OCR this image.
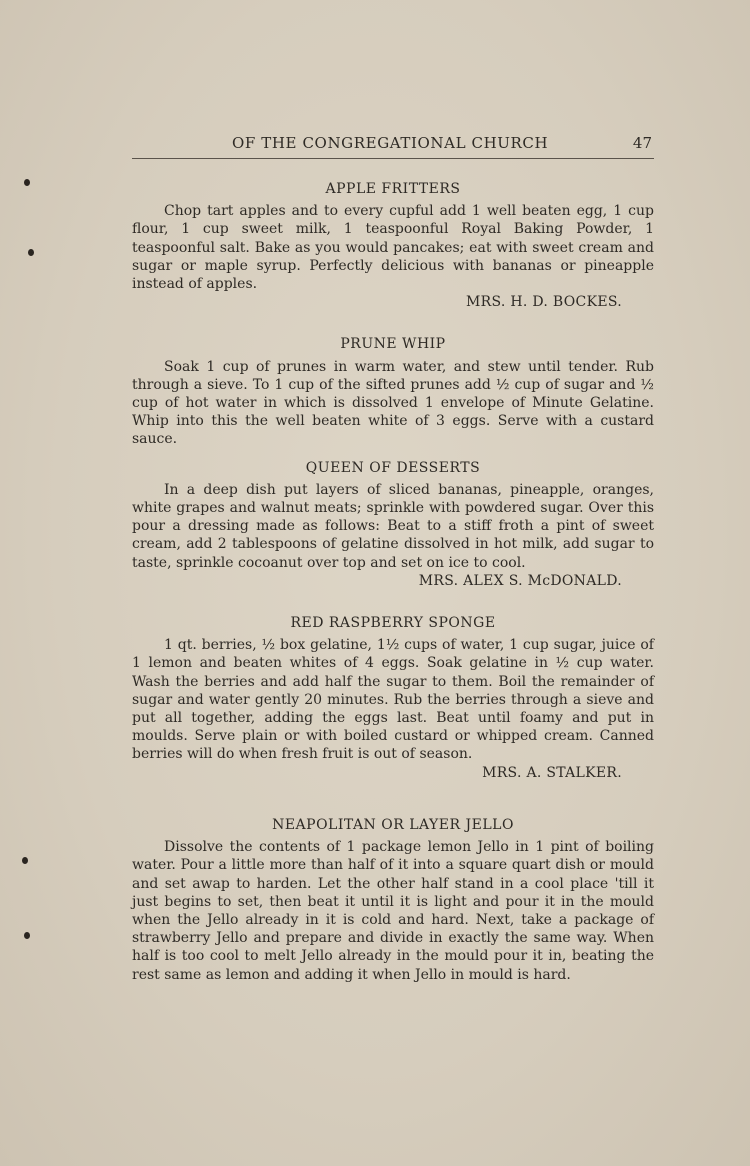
OF THE CONGREGATIONAL CHURCH	47
APPLE FRITTERS

Chop tart apples and to every cupful add 1 well beaten egg, 1 cup flour, 1 cup sweet milk, 1 teaspoonful Royal Baking Powder, 1 teaspoonful salt. Bake as you would pancakes; eat with sweet cream and sugar or maple syrup. Perfectly delicious with bananas or pineapple instead of apples.

MRS. H. D. BOCKES.

PRUNE WHIP

Soak 1 cup of prunes in warm water, and stew until tender. Rub through a sieve. To 1 cup of the sifted prunes add ½ cup of sugar and ½ cup of hot water in which is dissolved 1 envelope of Minute Gelatine. Whip into this the well beaten white of 3 eggs. Serve with a custard sauce.

QUEEN OF DESSERTS

In a deep dish put layers of sliced bananas, pineapple, oranges, white grapes and walnut meats; sprinkle with powdered sugar. Over this pour a dressing made as follows: Beat to a stiff froth a pint of sweet cream, add 2 tablespoons of gelatine dissolved in hot milk, add sugar to taste, sprinkle cocoanut over top and set on ice to cool.

MRS. ALEX S. McDONALD.

RED RASPBERRY SPONGE

1 qt. berries, ½ box gelatine, 1½ cups of water, 1 cup sugar, juice of 1 lemon and beaten whites of 4 eggs. Soak gelatine in ½ cup water. Wash the berries and add half the sugar to them. Boil the remainder of sugar and water gently 20 minutes. Rub the berries through a sieve and put all together, adding the eggs last. Beat until foamy and put in moulds. Serve plain or with boiled custard or whipped cream. Canned berries will do when fresh fruit is out of season.

MRS. A. STALKER.

NEAPOLITAN OR LAYER JELLO

Dissolve the contents of 1 package lemon Jello in 1 pint of boiling water. Pour a little more than half of it into a square quart dish or mould and set awap to harden. Let the other half stand in a cool place 'till it just begins to set, then beat it until it is light and pour it in the mould when the Jello already in it is cold and hard. Next, take a package of strawberry Jello and prepare and divide in exactly the same way. When half is too cool to melt Jello already in the mould pour it in, beating the rest same as lemon and adding it when Jello in mould is hard.
